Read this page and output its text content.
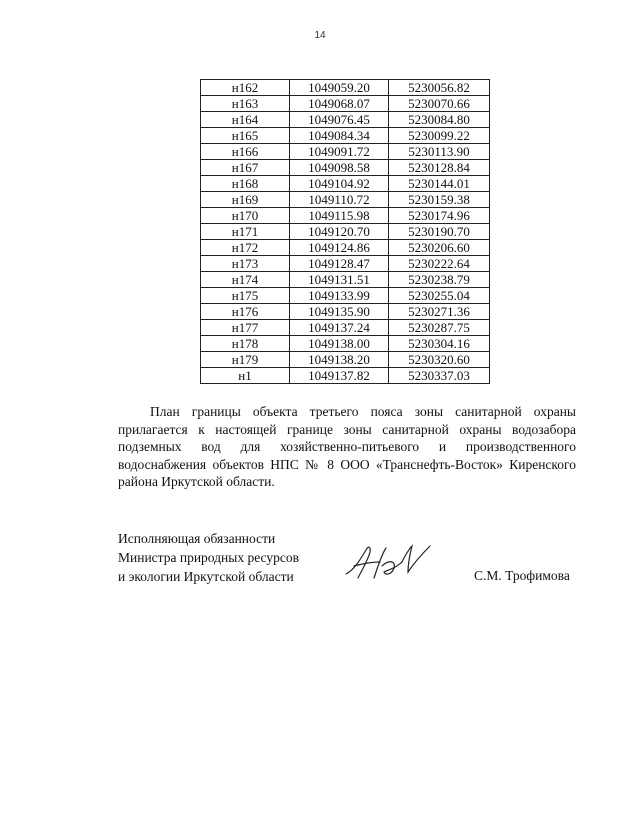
14
н162	1049059.20	5230056.82
н163	1049068.07	5230070.66
н164	1049076.45	5230084.80
н165	1049084.34	5230099.22
н166	1049091.72	5230113.90
н167	1049098.58	5230128.84
н168	1049104.92	5230144.01
н169	1049110.72	5230159.38
н170	1049115.98	5230174.96
н171	1049120.70	5230190.70
н172	1049124.86	5230206.60
н173	1049128.47	5230222.64
н174	1049131.51	5230238.79
н175	1049133.99	5230255.04
н176	1049135.90	5230271.36
н177	1049137.24	5230287.75
н178	1049138.00	5230304.16
н179	1049138.20	5230320.60
н1	1049137.82	5230337.03

План границы объекта третьего пояса зоны санитарной охраны прилагается к настоящей границе зоны санитарной охраны водозабора подземных вод для хозяйственно-питьевого и производственного водоснабжения объектов НПС № 8 ООО «Транснефть-Восток» Киренского района Иркутской области.

Исполняющая обязанности
Министра природных ресурсов
и экологии Иркутской области	С.М. Трофимова
